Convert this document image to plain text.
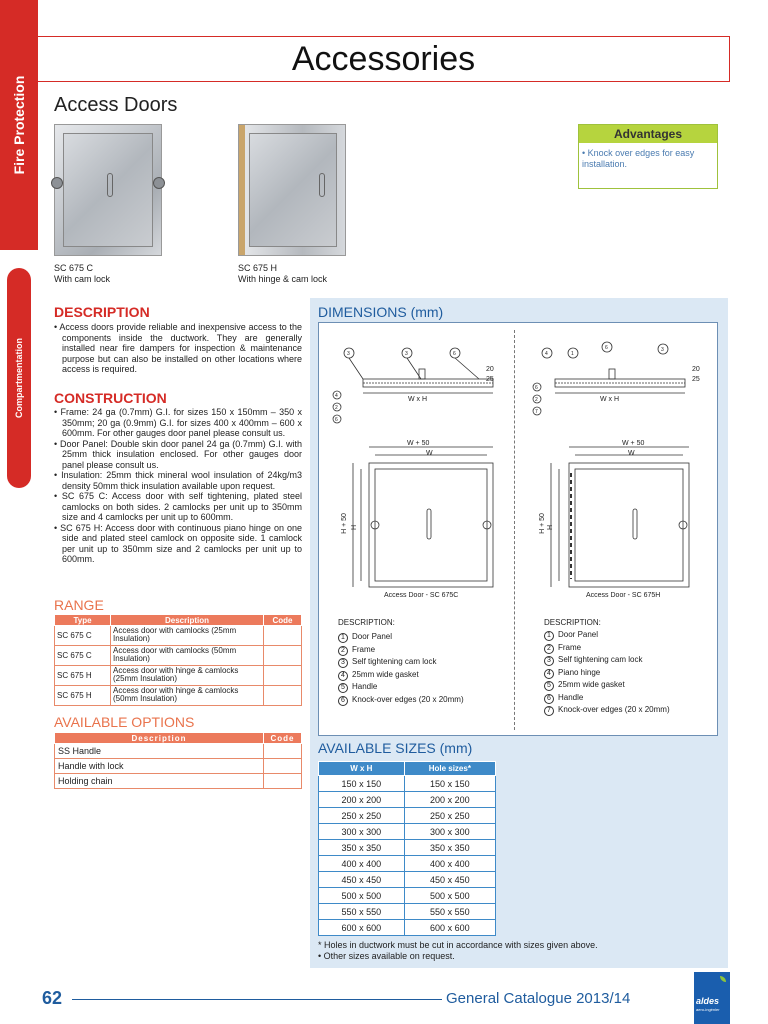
Fire Protection
Compartmentation
Accessories
Access Doors
SC 675 C
With cam lock
SC 675 H
With hinge & cam lock
Advantages
• Knock over edges for easy installation.
DESCRIPTION
• Access doors provide reliable and inexpensive access to the components inside the ductwork. They are generally installed near fire dampers for inspection & maintenance purpose but can also be installed on other locations where access is required.
CONSTRUCTION
• Frame: 24 ga (0.7mm) G.I. for sizes 150 x 150mm – 350 x 350mm; 20 ga (0.9mm) G.I. for sizes 400 x 400mm – 600 x 600mm. For other gauges door panel please consult us.
• Door Panel: Double skin door panel 24 ga (0.7mm) G.I. with 25mm thick insulation enclosed. For other gauges door panel please consult us.
• Insulation: 25mm thick mineral wool insulation of 24kg/m3 density 50mm thick insulation available upon request.
• SC 675 C: Access door with self tightening, plated steel camlocks on both sides. 2 camlocks per unit up to 350mm size and 4 camlocks per unit up to 600mm.
• SC 675 H: Access door with continuous piano hinge on one side and plated steel camlock on opposite side. 1 camlock per unit up to 350mm size and 2 camlocks per unit up to 600mm.
RANGE
Type	Description	Code
SC 675 C	Access door with camlocks (25mm Insulation)	
SC 675 C	Access door with camlocks (50mm Insulation)	
SC 675 H	Access door with hinge & camlocks (25mm Insulation)	
SC 675 H	Access door with hinge & camlocks (50mm Insulation)	
AVAILABLE OPTIONS
Description	Code
SS Handle	
Handle with lock	
Holding chain	
DIMENSIONS (mm)
3	3	6
4
2
6
4	1
6	3
6
2
7
W x H	W x H
25
20
25
20
W + 50
W
W + 50
W
H + 50 H	H + 50 H
Access Door - SC 675C	Access Door - SC 675H
DESCRIPTION:	DESCRIPTION:
1 Door Panel
2 Frame
3 Self tightening cam lock
4 25mm wide gasket
5 Handle
6 Knock-over edges (20 x 20mm)
1 Door Panel
2 Frame
3 Self tightening cam lock
4 Piano hinge
5 25mm wide gasket
6 Handle
7 Knock-over edges (20 x 20mm)
AVAILABLE SIZES (mm)
W x H	Hole sizes*
150 x 150	150 x 150
200 x 200	200 x 200
250 x 250	250 x 250
300 x 300	300 x 300
350 x 350	350 x 350
400 x 400	400 x 400
450 x 450	450 x 450
500 x 500	500 x 500
550 x 550	550 x 550
600 x 600	600 x 600
* Holes in ductwork must be cut in accordance with sizes given above.
• Other sizes available on request.
62	General Catalogue 2013/14	aldes
aero-ingénier
